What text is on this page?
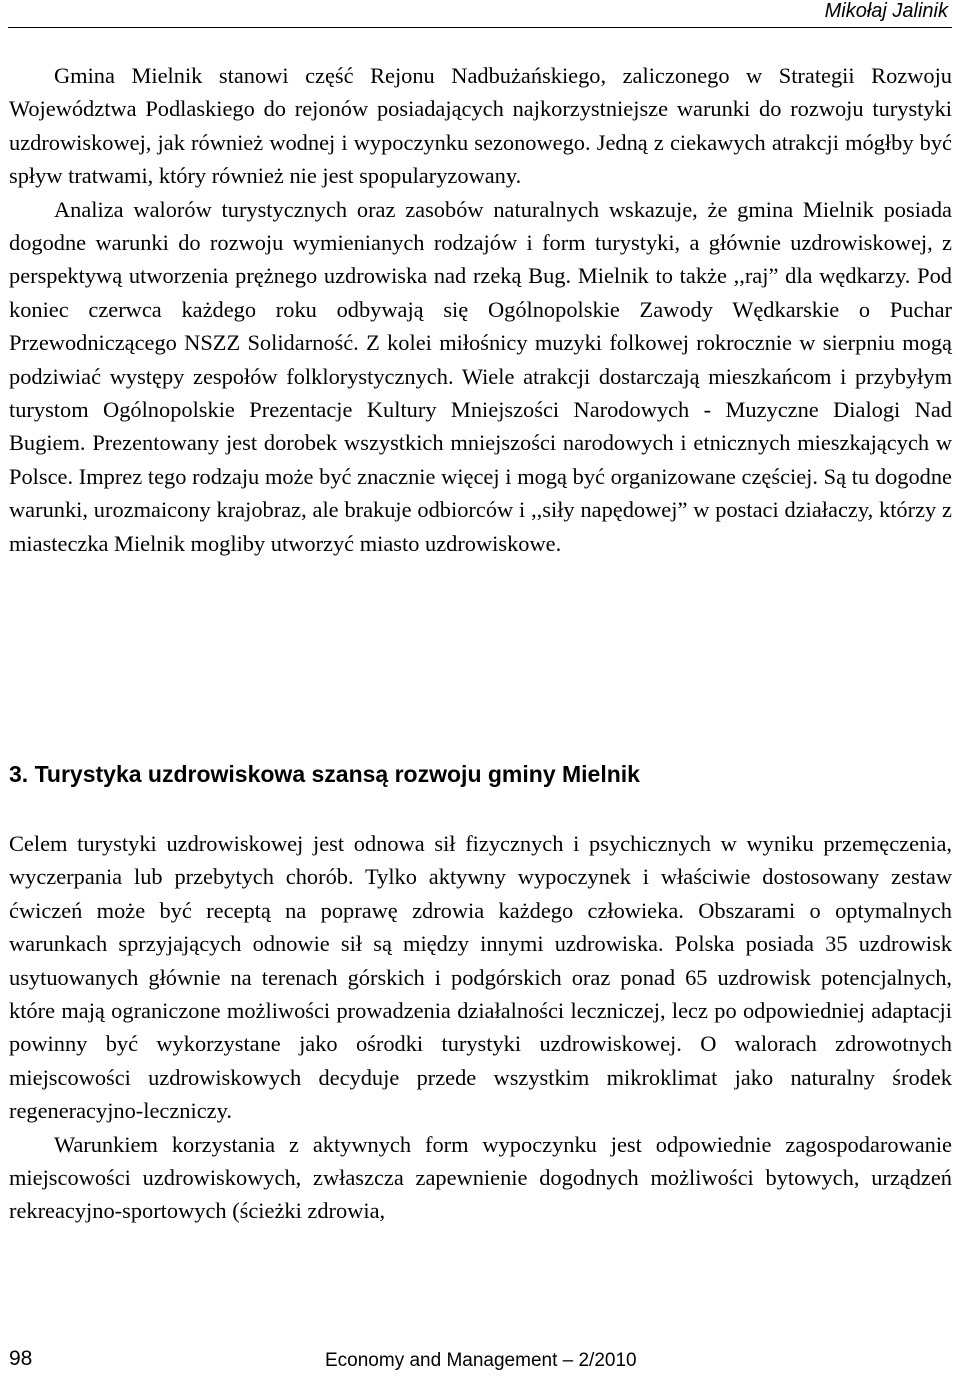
Mikołaj Jalinik

Gmina Mielnik stanowi część Rejonu Nadbużańskiego, zaliczonego w Strategii Rozwoju Województwa Podlaskiego do rejonów posiadających najkorzystniejsze warunki do rozwoju turystyki uzdrowiskowej, jak również wodnej i wypoczynku sezonowego. Jedną z ciekawych atrakcji mógłby być spływ tratwami, który również nie jest spopularyzowany.

Analiza walorów turystycznych oraz zasobów naturalnych wskazuje, że gmina Mielnik posiada dogodne warunki do rozwoju wymienianych rodzajów i form turystyki, a głównie uzdrowiskowej, z perspektywą utworzenia prężnego uzdrowiska nad rzeką Bug. Mielnik to także ,,raj” dla wędkarzy. Pod koniec czerwca każdego roku odbywają się Ogólnopolskie Zawody Wędkarskie o Puchar Przewodniczącego NSZZ Solidarność. Z kolei miłośnicy muzyki folkowej rokrocznie w sierpniu mogą podziwiać występy zespołów folklorystycznych. Wiele atrakcji dostarczają mieszkańcom i przybyłym turystom Ogólnopolskie Prezentacje Kultury Mniejszości Narodowych - Muzyczne Dialogi Nad Bugiem. Prezentowany jest dorobek wszystkich mniejszości narodowych i etnicznych mieszkających w Polsce. Imprez tego rodzaju może być znacznie więcej i mogą być organizowane częściej. Są tu dogodne warunki, urozmaicony krajobraz, ale brakuje odbiorców i ,,siły napędowej” w postaci działaczy, którzy z miasteczka Mielnik mogliby utworzyć miasto uzdrowiskowe.

3. Turystyka uzdrowiskowa szansą rozwoju gminy Mielnik

Celem turystyki uzdrowiskowej jest odnowa sił fizycznych i psychicznych w wyniku przemęczenia, wyczerpania lub przebytych chorób. Tylko aktywny wypoczynek i właściwie dostosowany zestaw ćwiczeń może być receptą na poprawę zdrowia każdego człowieka. Obszarami o optymalnych warunkach sprzyjających odnowie sił są między innymi uzdrowiska. Polska posiada 35 uzdrowisk usytuowanych głównie na terenach górskich i podgórskich oraz ponad 65 uzdrowisk potencjalnych, które mają ograniczone możliwości prowadzenia działalności leczniczej, lecz po odpowiedniej adaptacji powinny być wykorzystane jako ośrodki turystyki uzdrowiskowej. O walorach zdrowotnych miejscowości uzdrowiskowych decyduje przede wszystkim mikroklimat jako naturalny środek regeneracyjno-leczniczy.

Warunkiem korzystania z aktywnych form wypoczynku jest odpowiednie zagospodarowanie miejscowości uzdrowiskowych, zwłaszcza zapewnienie dogodnych możliwości bytowych, urządzeń rekreacyjno-sportowych (ścieżki zdrowia,

98	Economy and Management – 2/2010
